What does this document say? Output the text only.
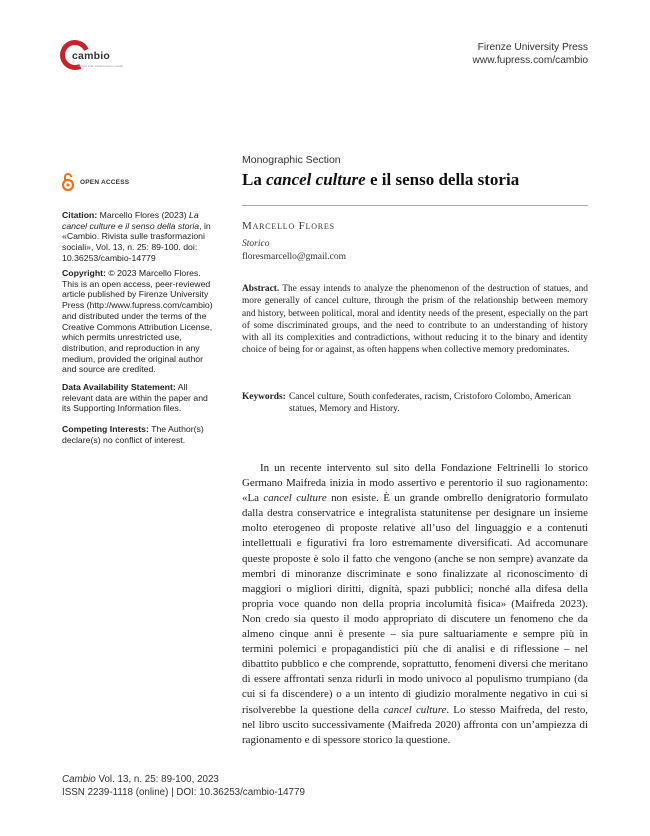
cambio
Rivista sulle trasformazioni sociali
Firenze University Press
www.fupress.com/cambio
OPEN ACCESS
Citation: Marcello Flores (2023) La cancel culture e il senso della storia, in «Cambio. Rivista sulle trasformazioni sociali», Vol. 13, n. 25: 89-100. doi: 10.36253/cambio-14779
Copyright: © 2023 Marcello Flores. This is an open access, peer-reviewed article published by Firenze University Press (http://www.fupress.com/cambio) and distributed under the terms of the Creative Commons Attribution License, which permits unrestricted use, distribution, and reproduction in any medium, provided the original author and source are credited.
Data Availability Statement: All relevant data are within the paper and its Supporting Information files.
Competing Interests: The Author(s) declare(s) no conflict of interest.
Monographic Section
La cancel culture e il senso della storia
Marcello Flores
Storico
floresmarcello@gmail.com
Abstract. The essay intends to analyze the phenomenon of the destruction of statues, and more generally of cancel culture, through the prism of the relationship between memory and history, between political, moral and identity needs of the present, especially on the part of some discriminated groups, and the need to contribute to an understanding of history with all its complexities and contradictions, without reducing it to the binary and identity choice of being for or against, as often happens when collective memory predominates.
Keywords: Cancel culture, South confederates, racism, Cristoforo Colombo, American statues, Memory and History.

In un recente intervento sul sito della Fondazione Feltrinelli lo storico Germano Maifreda inizia in modo assertivo e perentorio il suo ragionamento: «La cancel culture non esiste. È un grande ombrello denigratorio formulato dalla destra conservatrice e integralista statunitense per designare un insieme molto eterogeneo di proposte relative all’uso del linguaggio e a contenuti intellettuali e figurativi fra loro estremamente diversificati. Ad accomunare queste proposte è solo il fatto che vengono (anche se non sempre) avanzate da membri di minoranze discriminate e sono finalizzate al riconoscimento di maggiori o migliori diritti, dignità, spazi pubblici; nonché alla difesa della propria voce quando non della propria incolumità fisica» (Maifreda 2023). Non credo sia questo il modo appropriato di discutere un fenomeno che da almeno cinque anni è presente – sia pure saltuariamente e sempre più in termini polemici e propagandistici più che di analisi e di riflessione – nel dibattito pubblico e che comprende, soprattutto, fenomeni diversi che meritano di essere affrontati senza ridurli in modo univoco al populismo trumpiano (da cui si fa discendere) o a un intento di giudizio moralmente negativo in cui si risolverebbe la questione della cancel culture. Lo stesso Maifreda, del resto, nel libro uscito successivamente (Maifreda 2020) affronta con un’ampiezza di ragionamento e di spessore storico la questione.

Cambio Vol. 13, n. 25: 89-100, 2023
ISSN 2239-1118 (online) | DOI: 10.36253/cambio-14779
